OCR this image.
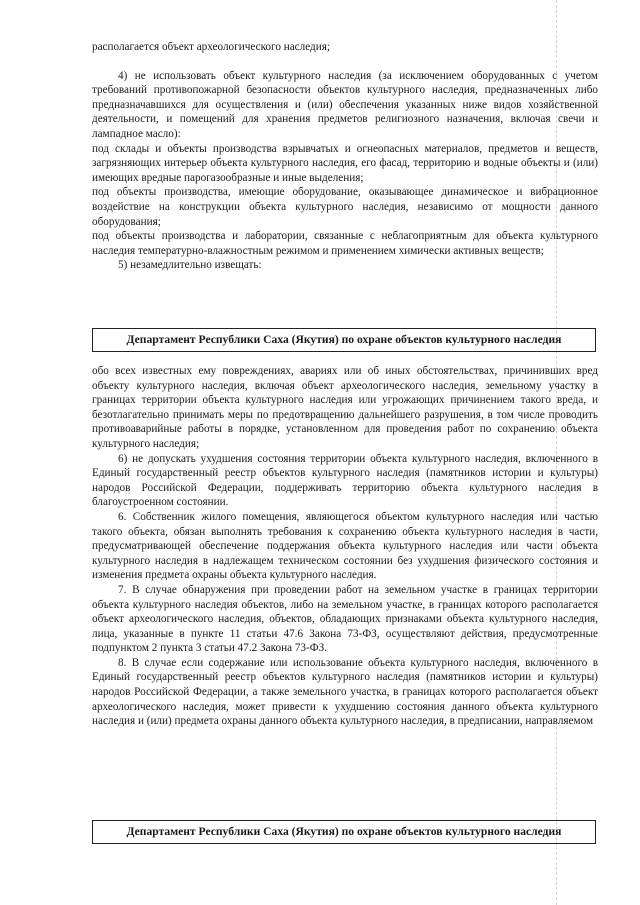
располагается объект археологического наследия;

4) не использовать объект культурного наследия (за исключением оборудованных с учетом требований противопожарной безопасности объектов культурного наследия, предназначенных либо предназначавшихся для осуществления и (или) обеспечения указанных ниже видов хозяйственной деятельности, и помещений для хранения предметов религиозного назначения, включая свечи и лампадное масло):

под склады и объекты производства взрывчатых и огнеопасных материалов, предметов и веществ, загрязняющих интерьер объекта культурного наследия, его фасад, территорию и водные объекты и (или) имеющих вредные парогазообразные и иные выделения;

под объекты производства, имеющие оборудование, оказывающее динамическое и вибрационное воздействие на конструкции объекта культурного наследия, независимо от мощности данного оборудования;

под объекты производства и лаборатории, связанные с неблагоприятным для объекта культурного наследия температурно-влажностным режимом и применением химически активных веществ;

5) незамедлительно извещать:

Департамент Республики Саха (Якутия) по охране объектов культурного наследия

обо всех известных ему повреждениях, авариях или об иных обстоятельствах, причинивших вред объекту культурного наследия, включая объект археологического наследия, земельному участку в границах территории объекта культурного наследия или угрожающих причинением такого вреда, и безотлагательно принимать меры по предотвращению дальнейшего разрушения, в том числе проводить противоаварийные работы в порядке, установленном для проведения работ по сохранению объекта культурного наследия;

6) не допускать ухудшения состояния территории объекта культурного наследия, включенного в Единый государственный реестр объектов культурного наследия (памятников истории и культуры) народов Российской Федерации, поддерживать территорию объекта культурного наследия в благоустроенном состоянии.

6. Собственник жилого помещения, являющегося объектом культурного наследия или частью такого объекта, обязан выполнять требования к сохранению объекта культурного наследия в части, предусматривающей обеспечение поддержания объекта культурного наследия или части объекта культурного наследия в надлежащем техническом состоянии без ухудшения физического состояния и изменения предмета охраны объекта культурного наследия.

7. В случае обнаружения при проведении работ на земельном участке в границах территории объекта культурного наследия объектов, либо на земельном участке, в границах которого располагается объект археологического наследия, объектов, обладающих признаками объекта культурного наследия, лица, указанные в пункте 11 статьи 47.6 Закона 73-ФЗ, осуществляют действия, предусмотренные подпунктом 2 пункта 3 статьи 47.2 Закона 73-ФЗ.

8. В случае если содержание или использование объекта культурного наследия, включенного в Единый государственный реестр объектов культурного наследия (памятников истории и культуры) народов Российской Федерации, а также земельного участка, в границах которого располагается объект археологического наследия, может привести к ухудшению состояния данного объекта культурного наследия и (или) предмета охраны данного объекта культурного наследия, в предписании, направляемом

Департамент Республики Саха (Якутия) по охране объектов культурного наследия
